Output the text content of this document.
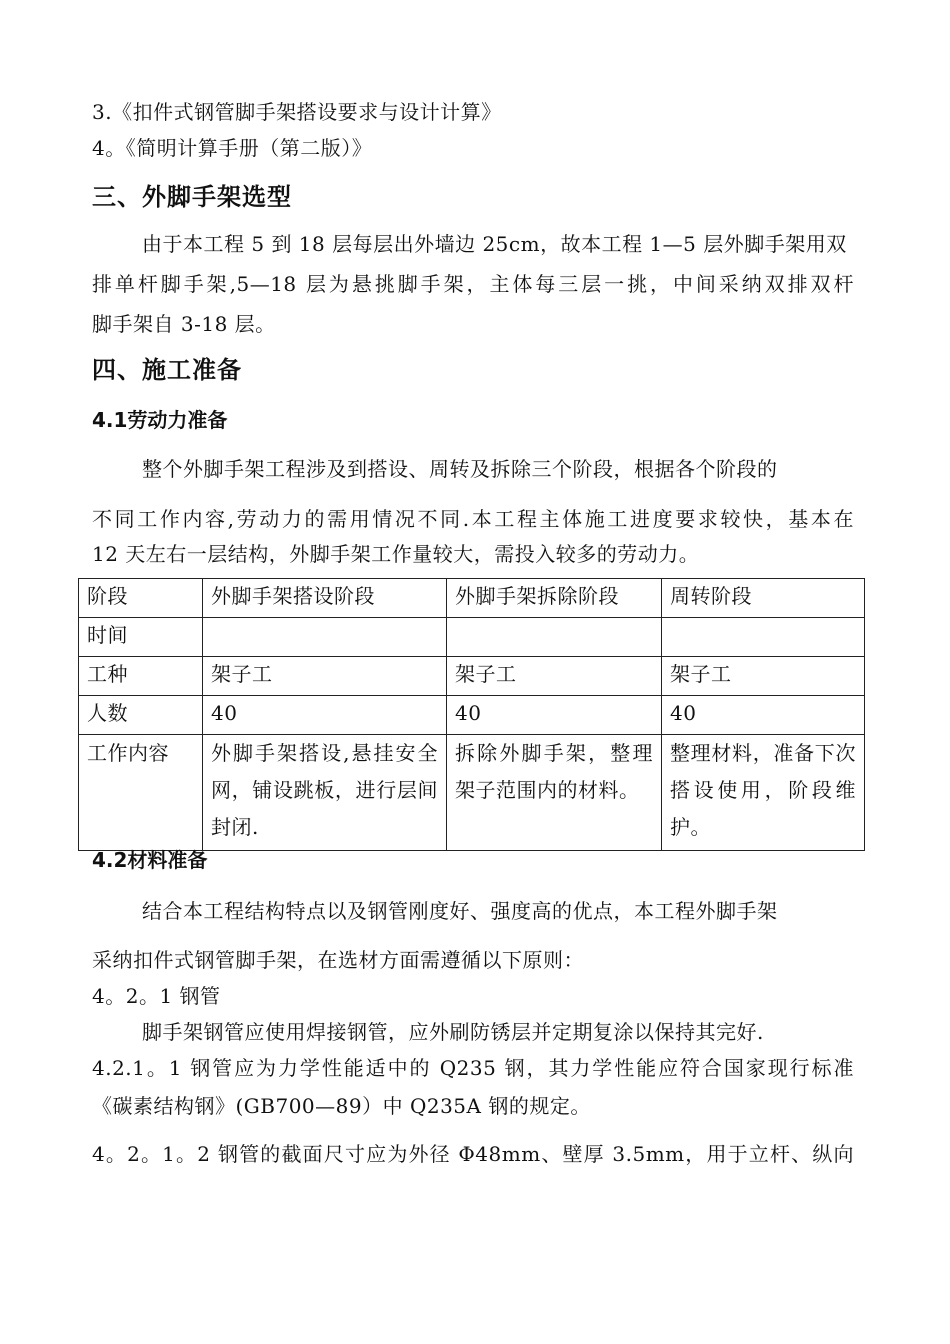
3.《扣件式钢管脚手架搭设要求与设计计算》
4。《简明计算手册（第二版）》
三、外脚手架选型
由于本工程 5 到 18 层每层出外墙边 25cm，故本工程 1—5 层外脚手架用双
排单杆脚手架,5—18 层为悬挑脚手架，主体每三层一挑，中间采纳双排双杆
脚手架自 3-18 层。
四、施工准备
4.1劳动力准备
整个外脚手架工程涉及到搭设、周转及拆除三个阶段，根据各个阶段的
不同工作内容,劳动力的需用情况不同.本工程主体施工进度要求较快，基本在
12 天左右一层结构，外脚手架工作量较大，需投入较多的劳动力。
阶段	外脚手架搭设阶段	外脚手架拆除阶段	周转阶段
时间			
工种	架子工	架子工	架子工
人数	40	40	40
工作内容	外脚手架搭设,悬挂安全网，铺设跳板，进行层间封闭.	拆除外脚手架，整理架子范围内的材料。	整理材料，准备下次搭设使用，阶段维护。
4.2材料准备
结合本工程结构特点以及钢管刚度好、强度高的优点，本工程外脚手架
采纳扣件式钢管脚手架，在选材方面需遵循以下原则：
4。2。1 钢管
脚手架钢管应使用焊接钢管，应外刷防锈层并定期复涂以保持其完好.
4.2.1。1 钢管应为力学性能适中的 Q235 钢，其力学性能应符合国家现行标准
《碳素结构钢》(GB700—89）中 Q235A 钢的规定。
4。2。1。2 钢管的截面尺寸应为外径 Φ48mm、壁厚 3.5mm，用于立杆、纵向
